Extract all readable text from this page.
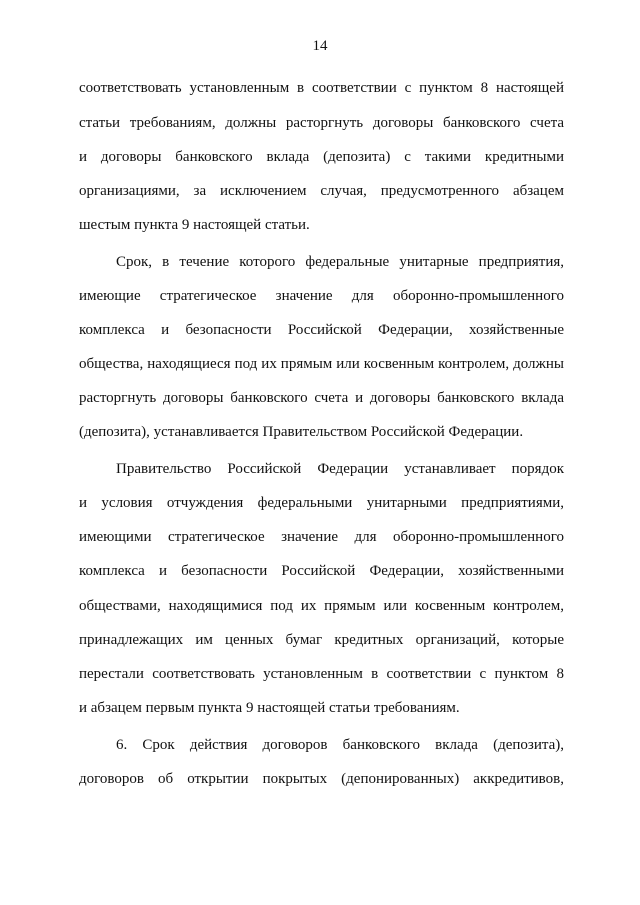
14
соответствовать установленным в соответствии с пунктом 8 настоящей
статьи требованиям, должны расторгнуть договоры банковского счета
и договоры банковского вклада (депозита) с такими кредитными
организациями, за исключением случая, предусмотренного абзацем
шестым пункта 9 настоящей статьи.
Срок, в течение которого федеральные унитарные предприятия,
имеющие стратегическое значение для оборонно-промышленного
комплекса и безопасности Российской Федерации, хозяйственные
общества, находящиеся под их прямым или косвенным контролем, должны
расторгнуть договоры банковского счета и договоры банковского вклада
(депозита), устанавливается Правительством Российской Федерации.
Правительство Российской Федерации устанавливает порядок
и условия отчуждения федеральными унитарными предприятиями,
имеющими стратегическое значение для оборонно-промышленного
комплекса и безопасности Российской Федерации, хозяйственными
обществами, находящимися под их прямым или косвенным контролем,
принадлежащих им ценных бумаг кредитных организаций, которые
перестали соответствовать установленным в соответствии с пунктом 8
и абзацем первым пункта 9 настоящей статьи требованиям.
6. Срок действия договоров банковского вклада (депозита),
договоров об открытии покрытых (депонированных) аккредитивов,
